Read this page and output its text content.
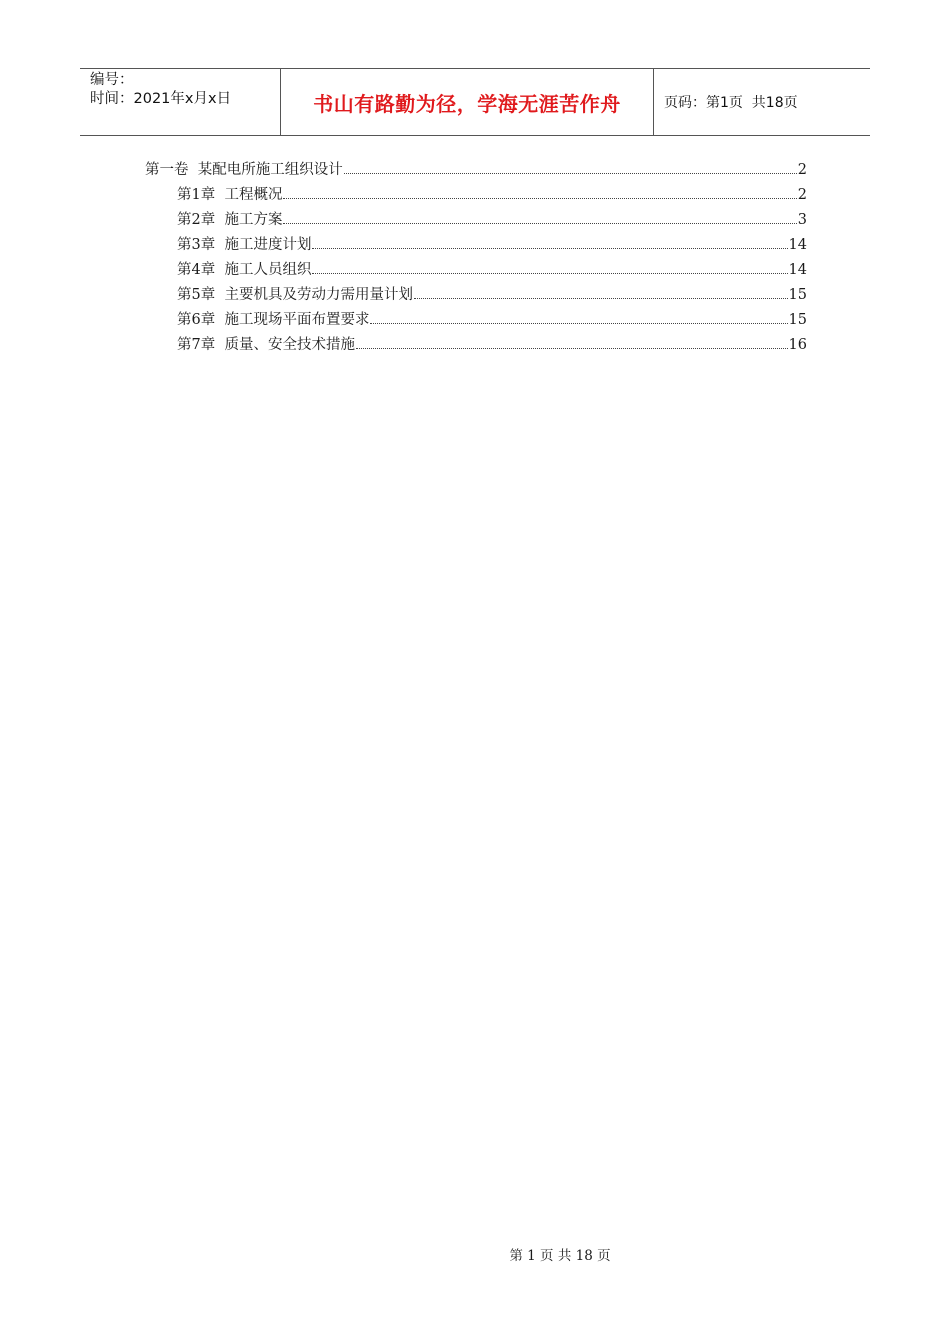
编号：
时间：2021年x月x日	书山有路勤为径，学海无涯苦作舟	页码：第1页  共18页
第一卷  某配电所施工组织设计	2
第1章  工程概况	2
第2章  施工方案	3
第3章  施工进度计划	14
第4章  施工人员组织	14
第5章  主要机具及劳动力需用量计划	15
第6章  施工现场平面布置要求	15
第7章  质量、安全技术措施	16
第 1 页 共 18 页
